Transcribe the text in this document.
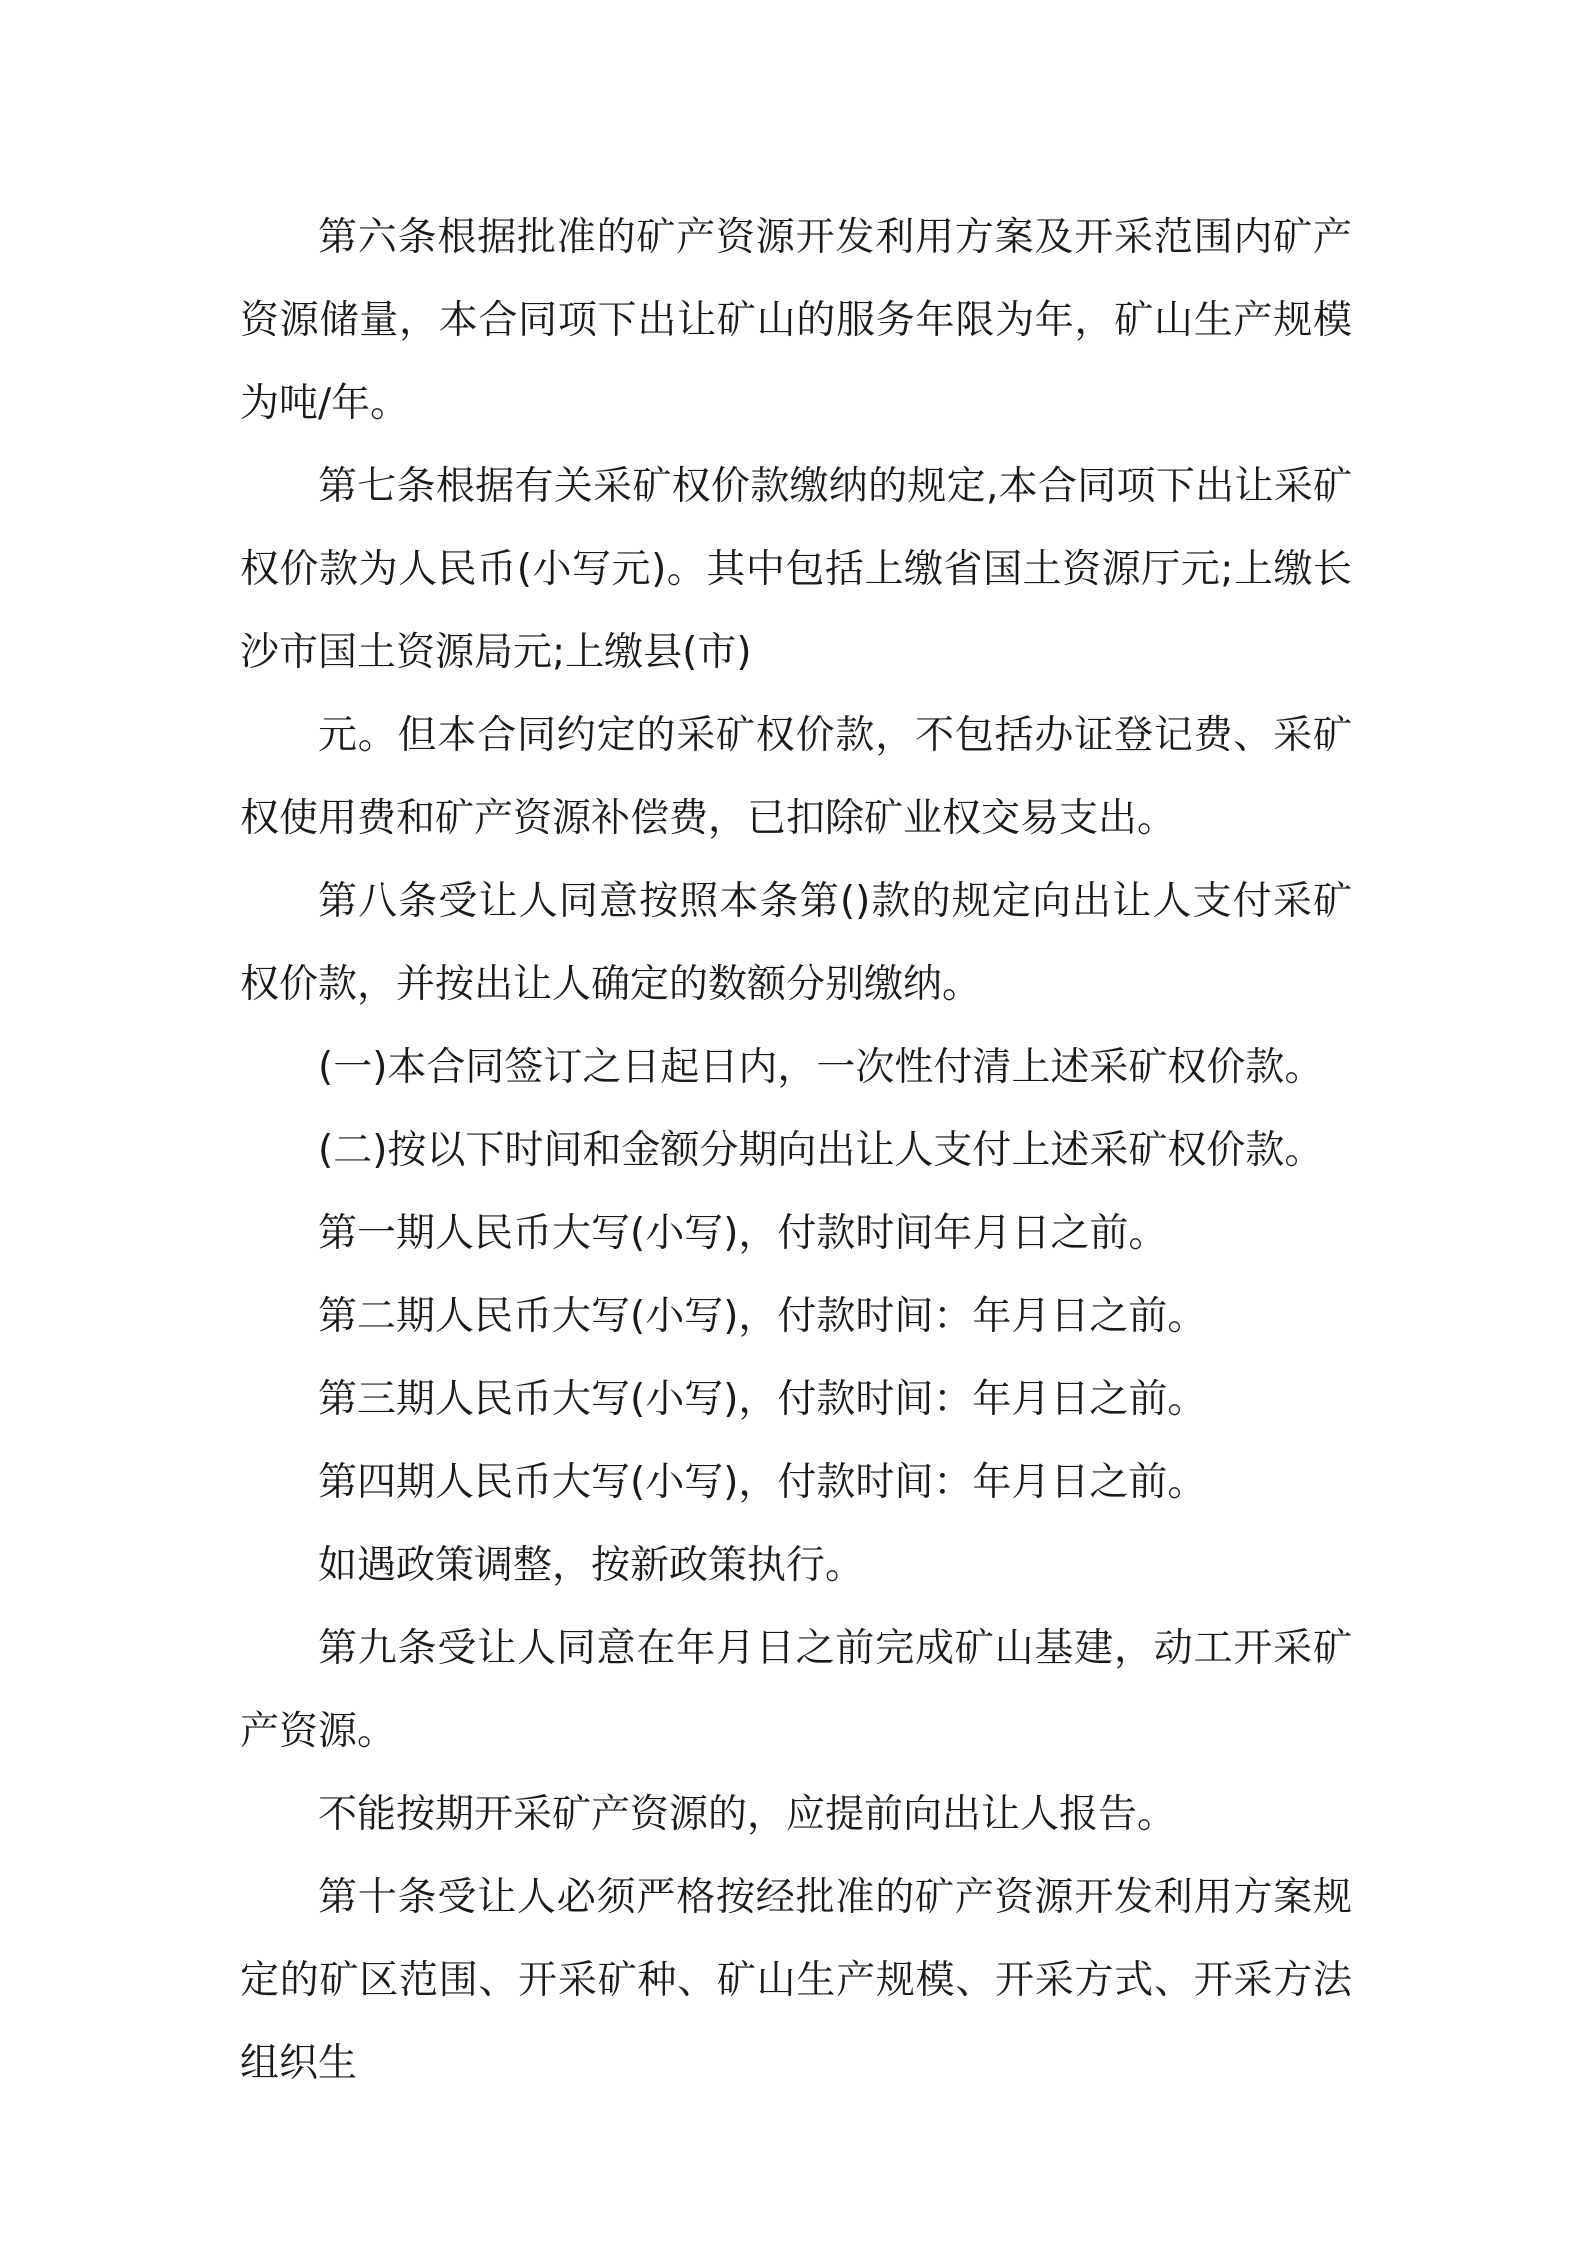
第六条根据批准的矿产资源开发利用方案及开采范围内矿产资源储量，本合同项下出让矿山的服务年限为年，矿山生产规模为吨/年。

第七条根据有关采矿权价款缴纳的规定,本合同项下出让采矿权价款为人民币(小写元)。其中包括上缴省国土资源厅元;上缴长沙市国土资源局元;上缴县(市)

元。但本合同约定的采矿权价款，不包括办证登记费、采矿权使用费和矿产资源补偿费，已扣除矿业权交易支出。

第八条受让人同意按照本条第()款的规定向出让人支付采矿权价款，并按出让人确定的数额分别缴纳。

(一)本合同签订之日起日内，一次性付清上述采矿权价款。

(二)按以下时间和金额分期向出让人支付上述采矿权价款。

第一期人民币大写(小写)，付款时间年月日之前。

第二期人民币大写(小写)，付款时间：年月日之前。

第三期人民币大写(小写)，付款时间：年月日之前。

第四期人民币大写(小写)，付款时间：年月日之前。

如遇政策调整，按新政策执行。

第九条受让人同意在年月日之前完成矿山基建，动工开采矿产资源。

不能按期开采矿产资源的，应提前向出让人报告。

第十条受让人必须严格按经批准的矿产资源开发利用方案规定的矿区范围、开采矿种、矿山生产规模、开采方式、开采方法组织生
